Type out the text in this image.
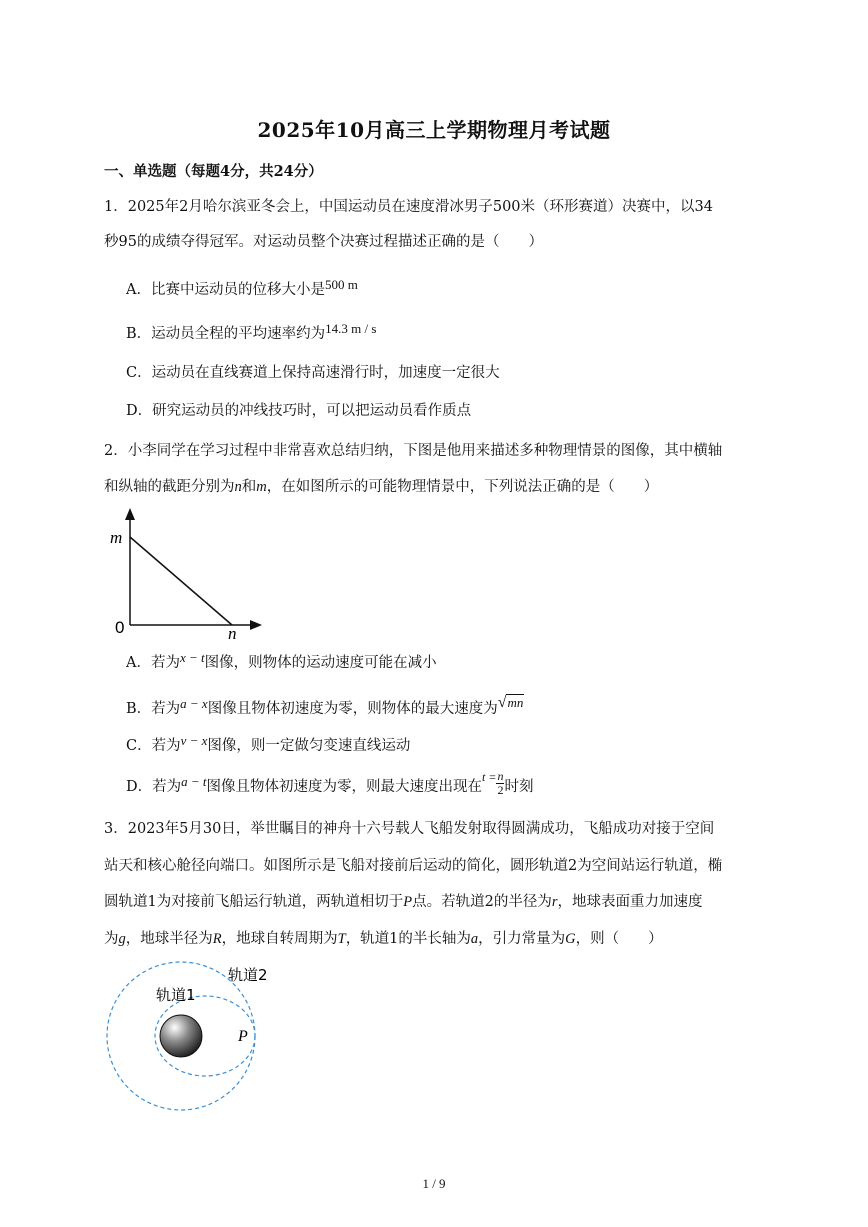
2025年10月高三上学期物理月考试题
一、单选题（每题4分，共24分）
1．2025年2月哈尔滨亚冬会上，中国运动员在速度滑冰男子500米（环形赛道）决赛中，以34
秒95的成绩夺得冠军。对运动员整个决赛过程描述正确的是（　　）
A．比赛中运动员的位移大小是500 m
B．运动员全程的平均速率约为14.3 m / s
C．运动员在直线赛道上保持高速滑行时，加速度一定很大
D．研究运动员的冲线技巧时，可以把运动员看作质点
2．小李同学在学习过程中非常喜欢总结归纳，下图是他用来描述多种物理情景的图像，其中横轴
和纵轴的截距分别为n和m，在如图所示的可能物理情景中，下列说法正确的是（　　）
m
0	n
A．若为x − t图像，则物体的运动速度可能在减小
B．若为a − x图像且物体初速度为零，则物体的最大速度为√mn
C．若为v − x图像，则一定做匀变速直线运动
D．若为a − t图像且物体初速度为零，则最大速度出现在$^{t =} \frac{n}{2}$ 时刻
3．2023年5月30日，举世瞩目的神舟十六号载人飞船发射取得圆满成功，飞船成功对接于空间
站天和核心舱径向端口。如图所示是飞船对接前后运动的简化，圆形轨道2为空间站运行轨道，椭
圆轨道1为对接前飞船运行轨道，两轨道相切于P点。若轨道2的半径为r，地球表面重力加速度
为g，地球半径为R，地球自转周期为T，轨道1的半长轴为a，引力常量为G，则（　　）
轨道2
轨道1
P
1 / 9
